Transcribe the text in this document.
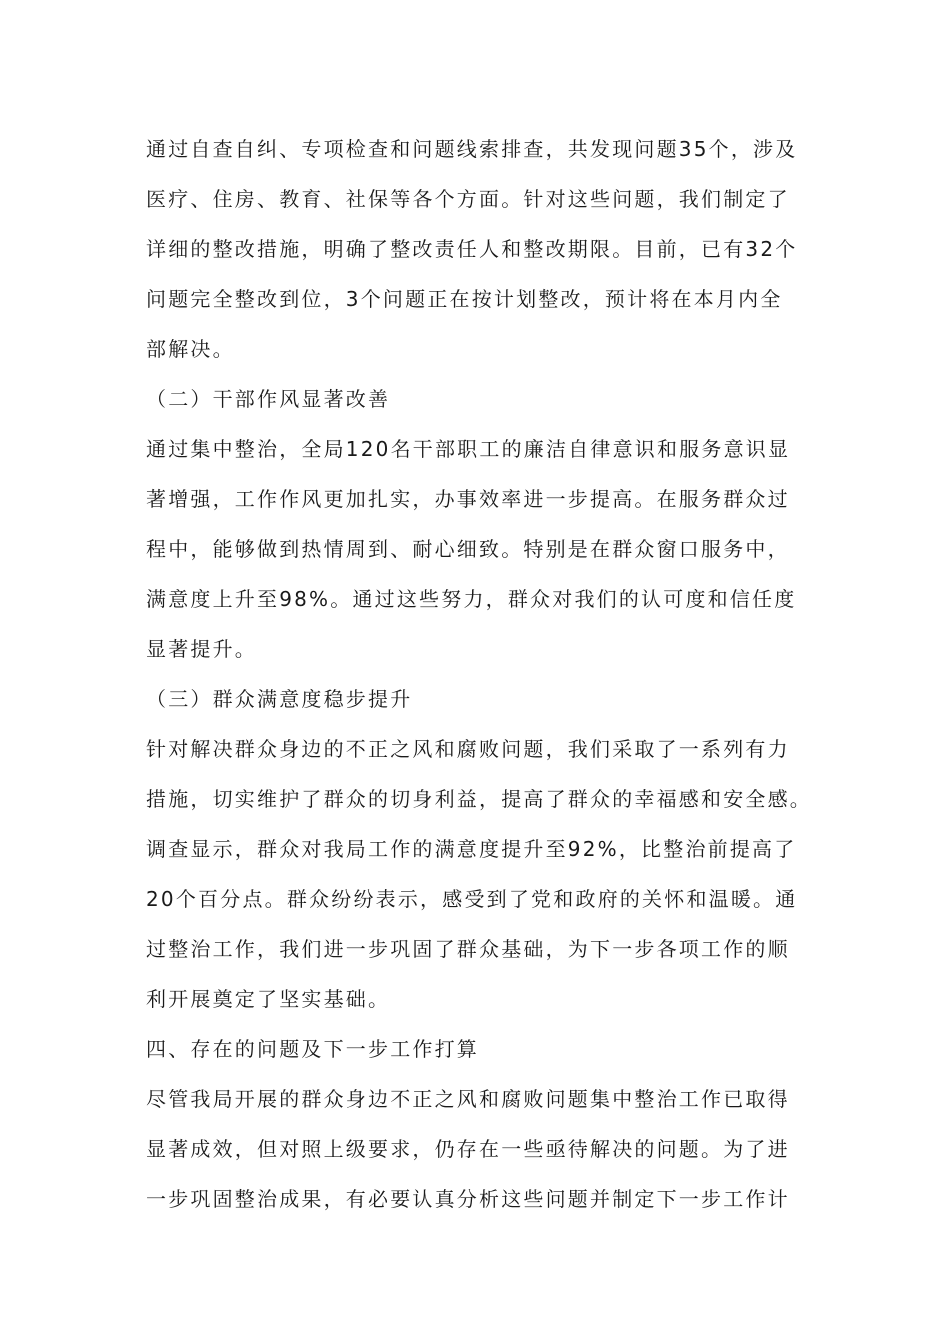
通过自查自纠、专项检查和问题线索排查，共发现问题35个，涉及
医疗、住房、教育、社保等各个方面。针对这些问题，我们制定了
详细的整改措施，明确了整改责任人和整改期限。目前，已有32个
问题完全整改到位，3个问题正在按计划整改，预计将在本月内全
部解决。
（二）干部作风显著改善
通过集中整治，全局120名干部职工的廉洁自律意识和服务意识显
著增强，工作作风更加扎实，办事效率进一步提高。在服务群众过
程中，能够做到热情周到、耐心细致。特别是在群众窗口服务中，
满意度上升至98%。通过这些努力，群众对我们的认可度和信任度
显著提升。
（三）群众满意度稳步提升
针对解决群众身边的不正之风和腐败问题，我们采取了一系列有力
措施，切实维护了群众的切身利益，提高了群众的幸福感和安全感。
调查显示，群众对我局工作的满意度提升至92%，比整治前提高了
20个百分点。群众纷纷表示，感受到了党和政府的关怀和温暖。通
过整治工作，我们进一步巩固了群众基础，为下一步各项工作的顺
利开展奠定了坚实基础。
四、存在的问题及下一步工作打算
尽管我局开展的群众身边不正之风和腐败问题集中整治工作已取得
显著成效，但对照上级要求，仍存在一些亟待解决的问题。为了进
一步巩固整治成果，有必要认真分析这些问题并制定下一步工作计
